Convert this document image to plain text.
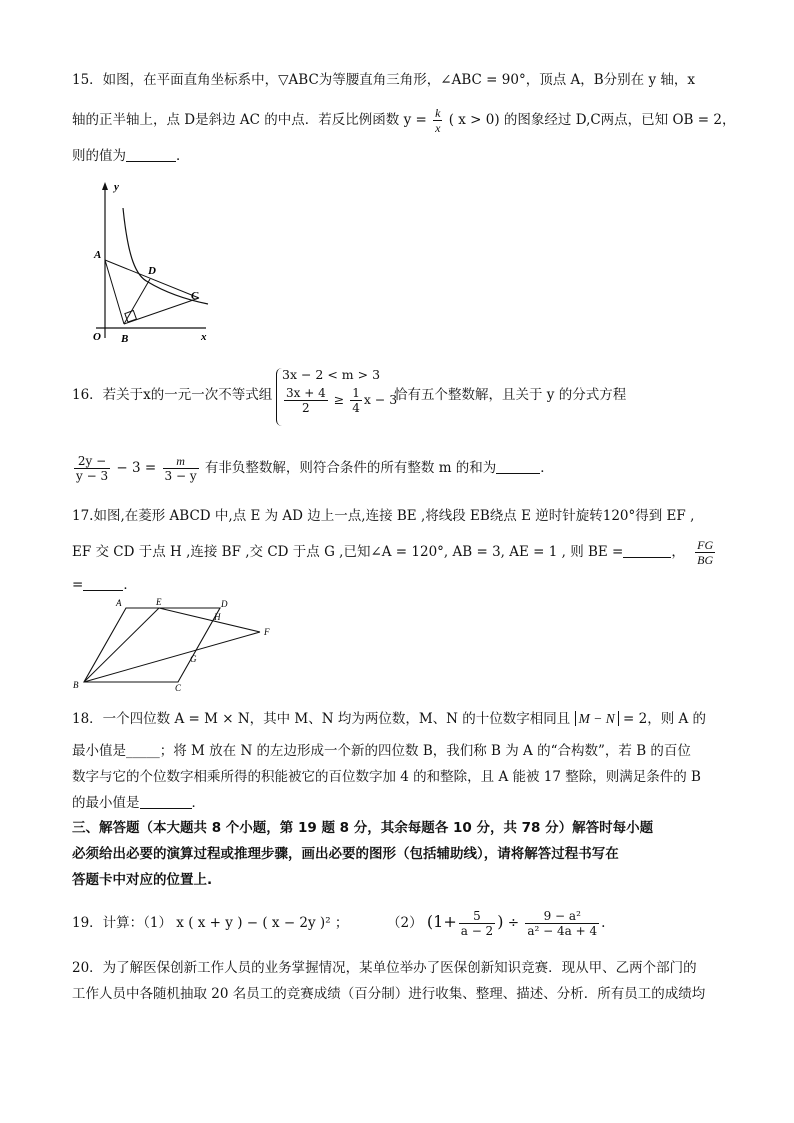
15．如图，在平面直角坐标系中，▽ABC为等腰直角三角形，∠ABC = 90°，顶点 A，B分别在 y 轴，x
轴的正半轴上，点 D是斜边 AC 的中点．若反比例函数 $y = \frac{k}{x}$ ( x > 0) 的图象经过 D,C两点，已知 OB = 2，
则的值为	．
y
A
D
C
O B	x
16．若关于x的一元一次不等式组
3x − 2 < m > 3
$\frac{3x + 4}{2} \ge \frac{1}{4}$ x − 3
恰有五个整数解，且关于 y 的分式方程
$\frac{2y -}{y - 3} - 3 = \frac{m}{3 - y}$ 有非负整数解，则符合条件的所有整数 m 的和为	．
17.如图,在菱形 ABCD 中,点 E 为 AD 边上一点,连接 BE ,将线段 EB绕点 E 逆时针旋转120°得到 EF ,
EF 交 CD 于点 H ,连接 BF ,交 CD 于点 G ,已知∠A = 120°, AB = 3, AE = 1 , 则 BE =	， $\frac{FG}{BG}$
=	．
A	E	D
H
F
G
B	C
18．一个四位数 A = M × N，其中 M、N 均为两位数，M、N 的十位数字相同且 M − N = 2，则 A 的
最小值是_____；将 M 放在 N 的左边形成一个新的四位数 B，我们称 B 为 A 的“合构数”，若 B 的百位
数字与它的个位数字相乘所得的积能被它的百位数字加 4 的和整除，且 A 能被 17 整除，则满足条件的 B
的最小值是	．
三、解答题（本大题共 8 个小题，第 19 题 8 分，其余每题各 10 分，共 78 分）解答时每小题
必须给出必要的演算过程或推理步骤，画出必要的图形（包括辅助线），请将解答过程书写在
答题卡中对应的位置上.
19．计算：（1） x ( x + y ) − ( x − 2y )² ；	（2） ($1+ \frac{5}{a - 2}$ ) ÷ $\frac{\text{9 − a²}}{\text{a² − 4a + 4}}$ .
20．为了解医保创新工作人员的业务掌握情况，某单位举办了医保创新知识竞赛．现从甲、乙两个部门的
工作人员中各随机抽取 20 名员工的竞赛成绩（百分制）进行收集、整理、描述、分析．所有员工的成绩均
